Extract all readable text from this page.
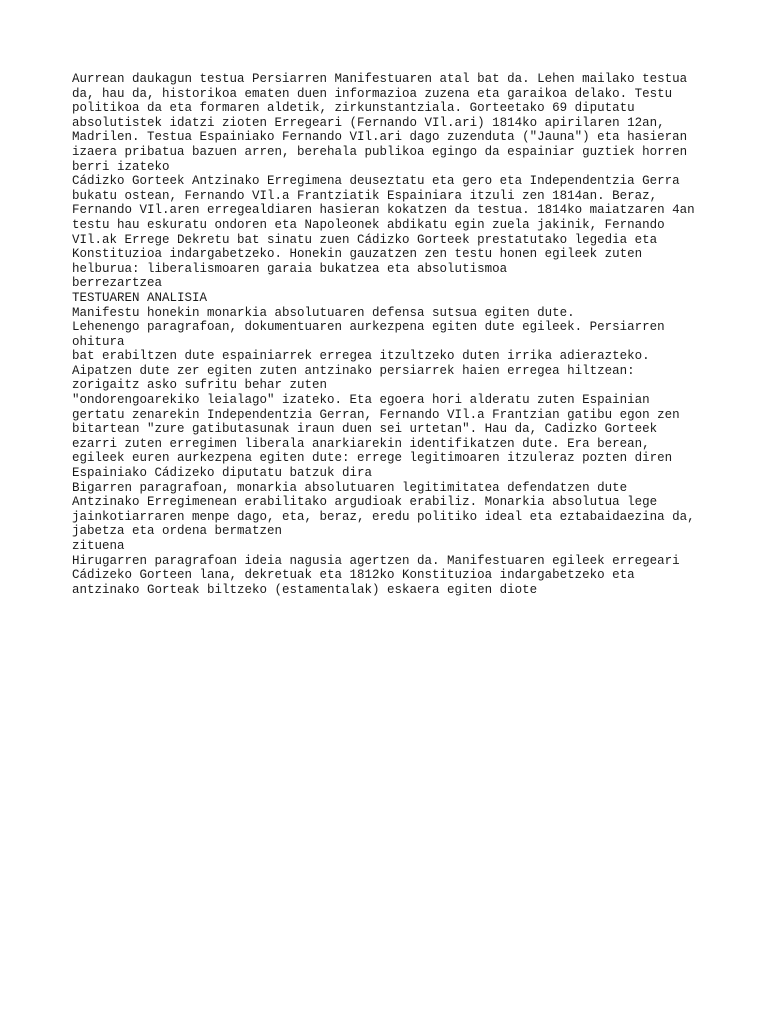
Aurrean daukagun testua Persiarren Manifestuaren atal bat da. Lehen mailako testua
da, hau da, historikoa ematen duen informazioa zuzena eta garaikoa delako. Testu
politikoa da eta formaren aldetik, zirkunstantziala. Gorteetako 69 diputatu
absolutistek idatzi zioten Erregeari (Fernando VIl.ari) 1814ko apirilaren 12an,
Madrilen. Testua Espainiako Fernando VIl.ari dago zuzenduta ("Jauna") eta hasieran
izaera pribatua bazuen arren, berehala publikoa egingo da espainiar guztiek horren
berri izateko
Cádizko Gorteek Antzinako Erregimena deuseztatu eta gero eta Independentzia Gerra
bukatu ostean, Fernando VIl.a Frantziatik Espainiara itzuli zen 1814an. Beraz,
Fernando VIl.aren erregealdiaren hasieran kokatzen da testua. 1814ko maiatzaren 4an
testu hau eskuratu ondoren eta Napoleonek abdikatu egin zuela jakinik, Fernando
VIl.ak Errege Dekretu bat sinatu zuen Cádizko Gorteek prestatutako legedia eta
Konstituzioa indargabetzeko. Honekin gauzatzen zen testu honen egileek zuten
helburua: liberalismoaren garaia bukatzea eta absolutismoa
berrezartzea
TESTUAREN ANALISIA
Manifestu honekin monarkia absolutuaren defensa sutsua egiten dute.
Lehenengo paragrafoan, dokumentuaren aurkezpena egiten dute egileek. Persiarren
ohitura
bat erabiltzen dute espainiarrek erregea itzultzeko duten irrika adierazteko.
Aipatzen dute zer egiten zuten antzinako persiarrek haien erregea hiltzean:
zorigaitz asko sufritu behar zuten
"ondorengoarekiko leialago" izateko. Eta egoera hori alderatu zuten Espainian
gertatu zenarekin Independentzia Gerran, Fernando VIl.a Frantzian gatibu egon zen
bitartean "zure gatibutasunak iraun duen sei urtetan". Hau da, Cadizko Gorteek
ezarri zuten erregimen liberala anarkiarekin identifikatzen dute. Era berean,
egileek euren aurkezpena egiten dute: errege legitimoaren itzuleraz pozten diren
Espainiako Cádizeko diputatu batzuk dira
Bigarren paragrafoan, monarkia absolutuaren legitimitatea defendatzen dute
Antzinako Erregimenean erabilitako argudioak erabiliz. Monarkia absolutua lege
jainkotiarraren menpe dago, eta, beraz, eredu politiko ideal eta eztabaidaezina da,
jabetza eta ordena bermatzen
zituena
Hirugarren paragrafoan ideia nagusia agertzen da. Manifestuaren egileek erregeari
Cádizeko Gorteen lana, dekretuak eta 1812ko Konstituzioa indargabetzeko eta
antzinako Gorteak biltzeko (estamentalak) eskaera egiten diote
